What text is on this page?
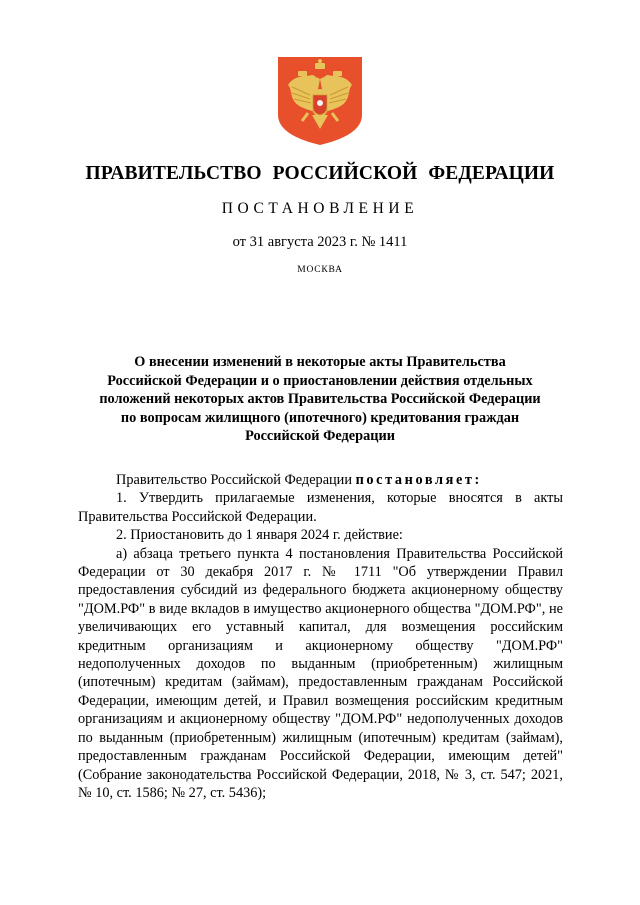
ПРАВИТЕЛЬСТВО РОССИЙСКОЙ ФЕДЕРАЦИИ
ПОСТАНОВЛЕНИЕ
от 31 августа 2023 г. № 1411
МОСКВА
О внесении изменений в некоторые акты Правительства
Российской Федерации и о приостановлении действия отдельных
положений некоторых актов Правительства Российской Федерации
по вопросам жилищного (ипотечного) кредитования граждан
Российской Федерации

Правительство Российской Федерации постановляет:

1. Утвердить прилагаемые изменения, которые вносятся в акты Правительства Российской Федерации.

2. Приостановить до 1 января 2024 г. действие:

а) абзаца третьего пункта 4 постановления Правительства Российской Федерации от 30 декабря 2017 г. № 1711 "Об утверждении Правил предоставления субсидий из федерального бюджета акционерному обществу "ДОМ.РФ" в виде вкладов в имущество акционерного общества "ДОМ.РФ", не увеличивающих его уставный капитал, для возмещения российским кредитным организациям и акционерному обществу "ДОМ.РФ" недополученных доходов по выданным (приобретенным) жилищным (ипотечным) кредитам (займам), предоставленным гражданам Российской Федерации, имеющим детей, и Правил возмещения российским кредитным организациям и акционерному обществу "ДОМ.РФ" недополученных доходов по выданным (приобретенным) жилищным (ипотечным) кредитам (займам), предоставленным гражданам Российской Федерации, имеющим детей" (Собрание законодательства Российской Федерации, 2018, № 3, ст. 547; 2021, № 10, ст. 1586; № 27, ст. 5436);
